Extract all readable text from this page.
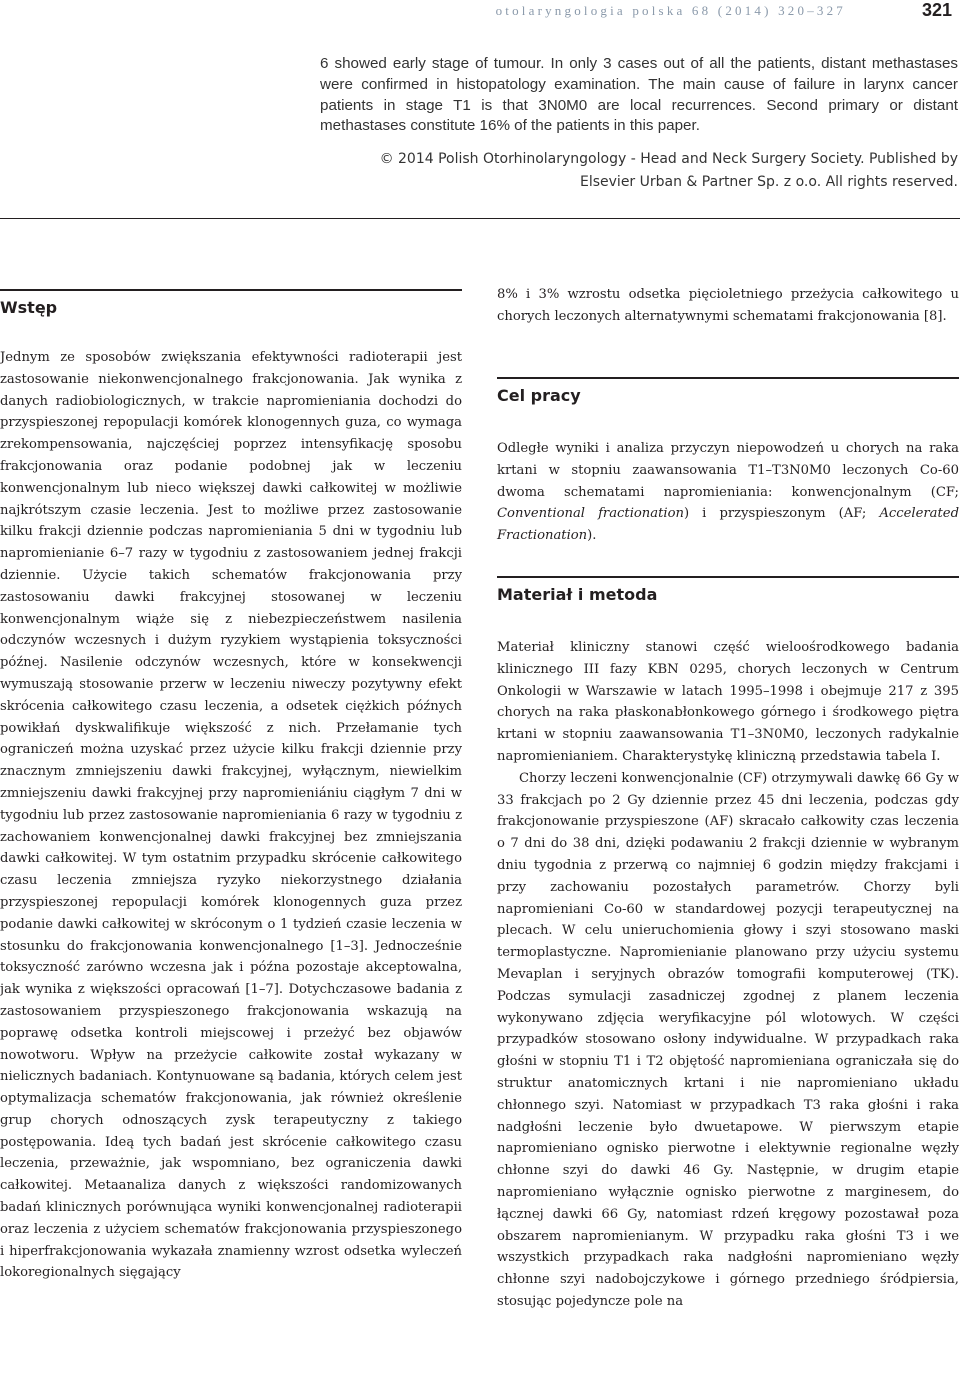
otolaryngologia polska 68 (2014) 320–327	321

6 showed early stage of tumour. In only 3 cases out of all the patients, distant methastases were confirmed in histopatology examination. The main cause of failure in larynx cancer patients in stage T1 is that 3N0M0 are local recurrences. Second primary or distant methastases constitute 16% of the patients in this paper.

© 2014 Polish Otorhinolaryngology - Head and Neck Surgery Society. Published by Elsevier Urban & Partner Sp. z o.o. All rights reserved.
Wstęp

Jednym ze sposobów zwiększania efektywności radioterapii jest zastosowanie niekonwencjonalnego frakcjonowania. Jak wynika z danych radiobiologicznych, w trakcie napromieniania dochodzi do przyspieszonej repopulacji komórek klonogennych guza, co wymaga zrekompensowania, najczęściej poprzez intensyfikację sposobu frakcjonowania oraz podanie podobnej jak w leczeniu konwencjonalnym lub nieco większej dawki całkowitej w możliwie najkrótszym czasie leczenia. Jest to możliwe przez zastosowanie kilku frakcji dziennie podczas napromieniania 5 dni w tygodniu lub napromienianie 6–7 razy w tygodniu z zastosowaniem jednej frakcji dziennie. Użycie takich schematów frakcjonowania przy zastosowaniu dawki frakcyjnej stosowanej w leczeniu konwencjonalnym wiąże się z niebezpieczeństwem nasilenia odczynów wczesnych i dużym ryzykiem wystąpienia toksyczności późnej. Nasilenie odczynów wczesnych, które w konsekwencji wymuszają stosowanie przerw w leczeniu niweczy pozytywny efekt skrócenia całkowitego czasu leczenia, a odsetek ciężkich późnych powikłań dyskwalifikuje większość z nich. Przełamanie tych ograniczeń można uzyskać przez użycie kilku frakcji dziennie przy znacznym zmniejszeniu dawki frakcyjnej, wyłącznym, niewielkim zmniejszeniu dawki frakcyjnej przy napromieniániu ciągłym 7 dni w tygodniu lub przez zastosowanie napromieniania 6 razy w tygodniu z zachowaniem konwencjonalnej dawki frakcyjnej bez zmniejszania dawki całkowitej. W tym ostatnim przypadku skrócenie całkowitego czasu leczenia zmniejsza ryzyko niekorzystnego działania przyspieszonej repopulacji komórek klonogennych guza przez podanie dawki całkowitej w skróconym o 1 tydzień czasie leczenia w stosunku do frakcjonowania konwencjonalnego [1–3]. Jednocześnie toksyczność zarówno wczesna jak i późna pozostaje akceptowalna, jak wynika z większości opracowań [1–7]. Dotychczasowe badania z zastosowaniem przyspieszonego frakcjonowania wskazują na poprawę odsetka kontroli miejscowej i przeżyć bez objawów nowotworu. Wpływ na przeżycie całkowite został wykazany w nielicznych badaniach. Kontynuowane są badania, których celem jest optymalizacja schematów frakcjonowania, jak również określenie grup chorych odnoszących zysk terapeutyczny z takiego postępowania. Ideą tych badań jest skrócenie całkowitego czasu leczenia, przeważnie, jak wspomniano, bez ograniczenia dawki całkowitej. Metaanaliza danych z większości randomizowanych badań klinicznych porównująca wyniki konwencjonalnej radioterapii oraz leczenia z użyciem schematów frakcjonowania przyspieszonego i hiperfrakcjonowania wykazała znamienny wzrost odsetka wyleczeń lokoregionalnych sięgający

8% i 3% wzrostu odsetka pięcioletniego przeżycia całkowitego u chorych leczonych alternatywnymi schematami frakcjonowania [8].

Cel pracy

Odległe wyniki i analiza przyczyn niepowodzeń u chorych na raka krtani w stopniu zaawansowania T1–T3N0M0 leczonych Co-60 dwoma schematami napromieniania: konwencjonalnym (CF; Conventional fractionation) i przyspieszonym (AF; Accelerated Fractionation).

Materiał i metoda

Materiał kliniczny stanowi część wieloośrodkowego badania klinicznego III fazy KBN 0295, chorych leczonych w Centrum Onkologii w Warszawie w latach 1995–1998 i obejmuje 217 z 395 chorych na raka płaskonabłonkowego górnego i środkowego piętra krtani w stopniu zaawansowania T1–3N0M0, leczonych radykalnie napromienianiem. Charakterystykę kliniczną przedstawia tabela I.

Chorzy leczeni konwencjonalnie (CF) otrzymywali dawkę 66 Gy w 33 frakcjach po 2 Gy dziennie przez 45 dni leczenia, podczas gdy frakcjonowanie przyspieszone (AF) skracało całkowity czas leczenia o 7 dni do 38 dni, dzięki podawaniu 2 frakcji dziennie w wybranym dniu tygodnia z przerwą co najmniej 6 godzin między frakcjami i przy zachowaniu pozostałych parametrów. Chorzy byli napromieniani Co-60 w standardowej pozycji terapeutycznej na plecach. W celu unieruchomienia głowy i szyi stosowano maski termoplastyczne. Napromienianie planowano przy użyciu systemu Mevaplan i seryjnych obrazów tomografii komputerowej (TK). Podczas symulacji zasadniczej zgodnej z planem leczenia wykonywano zdjęcia weryfikacyjne pól wlotowych. W części przypadków stosowano osłony indywidualne. W przypadkach raka głośni w stopniu T1 i T2 objętość napromieniana ograniczała się do struktur anatomicznych krtani i nie napromieniano układu chłonnego szyi. Natomiast w przypadkach T3 raka głośni i raka nadgłośni leczenie było dwuetapowe. W pierwszym etapie napromieniano ognisko pierwotne i elektywnie regionalne węzły chłonne szyi do dawki 46 Gy. Następnie, w drugim etapie napromieniano wyłącznie ognisko pierwotne z marginesem, do łącznej dawki 66 Gy, natomiast rdzeń kręgowy pozostawał poza obszarem napromienianym. W przypadku raka głośni T3 i we wszystkich przypadkach raka nadgłośni napromieniano węzły chłonne szyi nadobojczykowe i górnego przedniego śródpiersia, stosując pojedyncze pole na
